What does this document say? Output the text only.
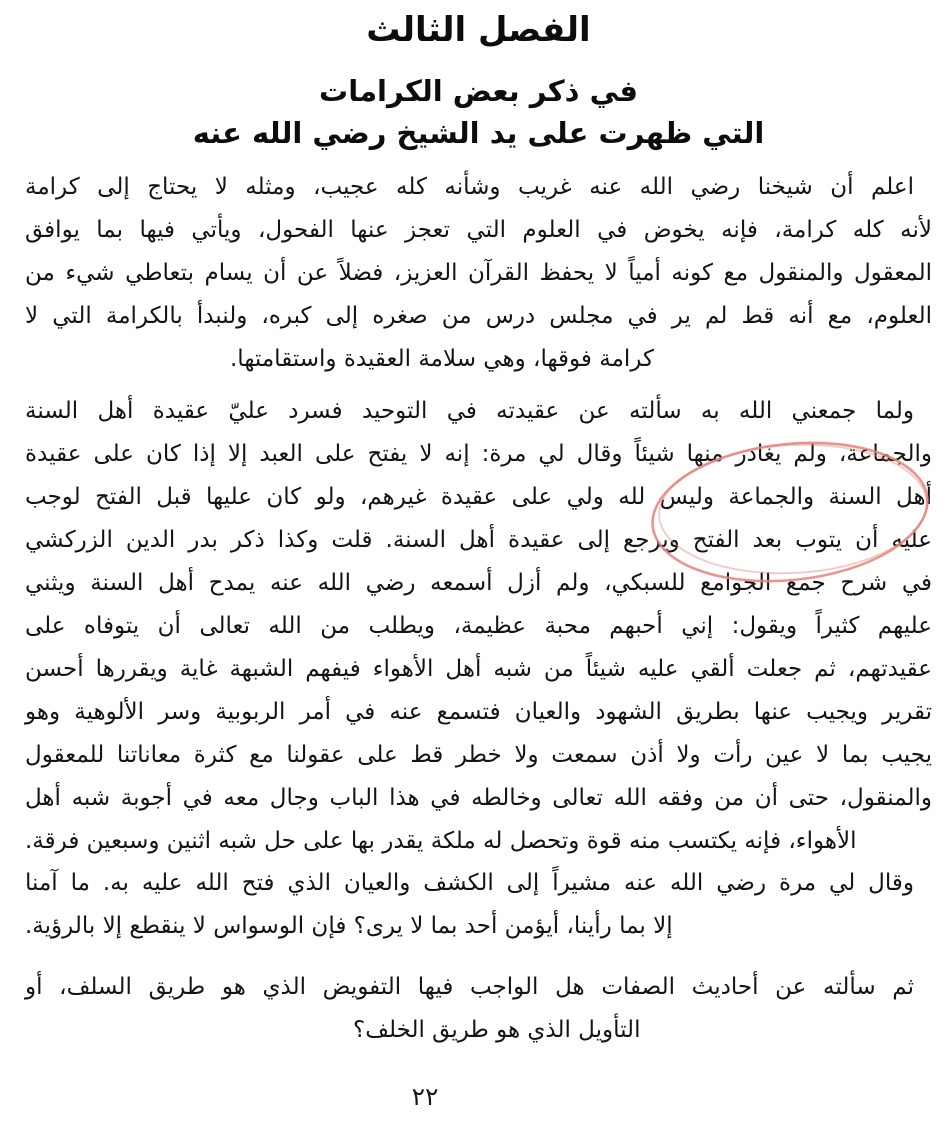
الفصل الثالث
في ذكر بعض الكرامات
التي ظهرت على يد الشيخ رضي الله عنه
اعلم أن شيخنا رضي الله عنه غريب وشأنه كله عجيب، ومثله لا يحتاج إلى كرامة
لأنه كله كرامة، فإنه يخوض في العلوم التي تعجز عنها الفحول، ويأتي فيها بما يوافق
المعقول والمنقول مع كونه أمياً لا يحفظ القرآن العزيز، فضلاً عن أن يسام بتعاطي شيء من
العلوم، مع أنه قط لم ير في مجلس درس من صغره إلى كبره، ولنبدأ بالكرامة التي لا
كرامة فوقها، وهي سلامة العقيدة واستقامتها.
ولما جمعني الله به سألته عن عقيدته في التوحيد فسرد عليّ عقيدة أهل السنة
والجماعة، ولم يغادر منها شيئاً وقال لي مرة: إنه لا يفتح على العبد إلا إذا كان على عقيدة
أهل السنة والجماعة وليس لله ولي على عقيدة غيرهم، ولو كان عليها قبل الفتح لوجب
عليه أن يتوب بعد الفتح ويرجع إلى عقيدة أهل السنة. قلت وكذا ذكر بدر الدين الزركشي
في شرح جمع الجوامع للسبكي، ولم أزل أسمعه رضي الله عنه يمدح أهل السنة ويثني
عليهم كثيراً ويقول: إني أحبهم محبة عظيمة، ويطلب من الله تعالى أن يتوفاه على
عقيدتهم، ثم جعلت ألقي عليه شيئاً من شبه أهل الأهواء فيفهم الشبهة غاية ويقررها أحسن
تقرير ويجيب عنها بطريق الشهود والعيان فتسمع عنه في أمر الربوبية وسر الألوهية وهو
يجيب بما لا عين رأت ولا أذن سمعت ولا خطر قط على عقولنا مع كثرة معاناتنا للمعقول
والمنقول، حتى أن من وفقه الله تعالى وخالطه في هذا الباب وجال معه في أجوبة شبه أهل
الأهواء، فإنه يكتسب منه قوة وتحصل له ملكة يقدر بها على حل شبه اثنين وسبعين فرقة.
وقال لي مرة رضي الله عنه مشيراً إلى الكشف والعيان الذي فتح الله عليه به. ما آمنا
إلا بما رأينا، أيؤمن أحد بما لا يرى؟ فإن الوسواس لا ينقطع إلا بالرؤية.
ثم سألته عن أحاديث الصفات هل الواجب فيها التفويض الذي هو طريق السلف، أو
التأويل الذي هو طريق الخلف؟
٢٢
